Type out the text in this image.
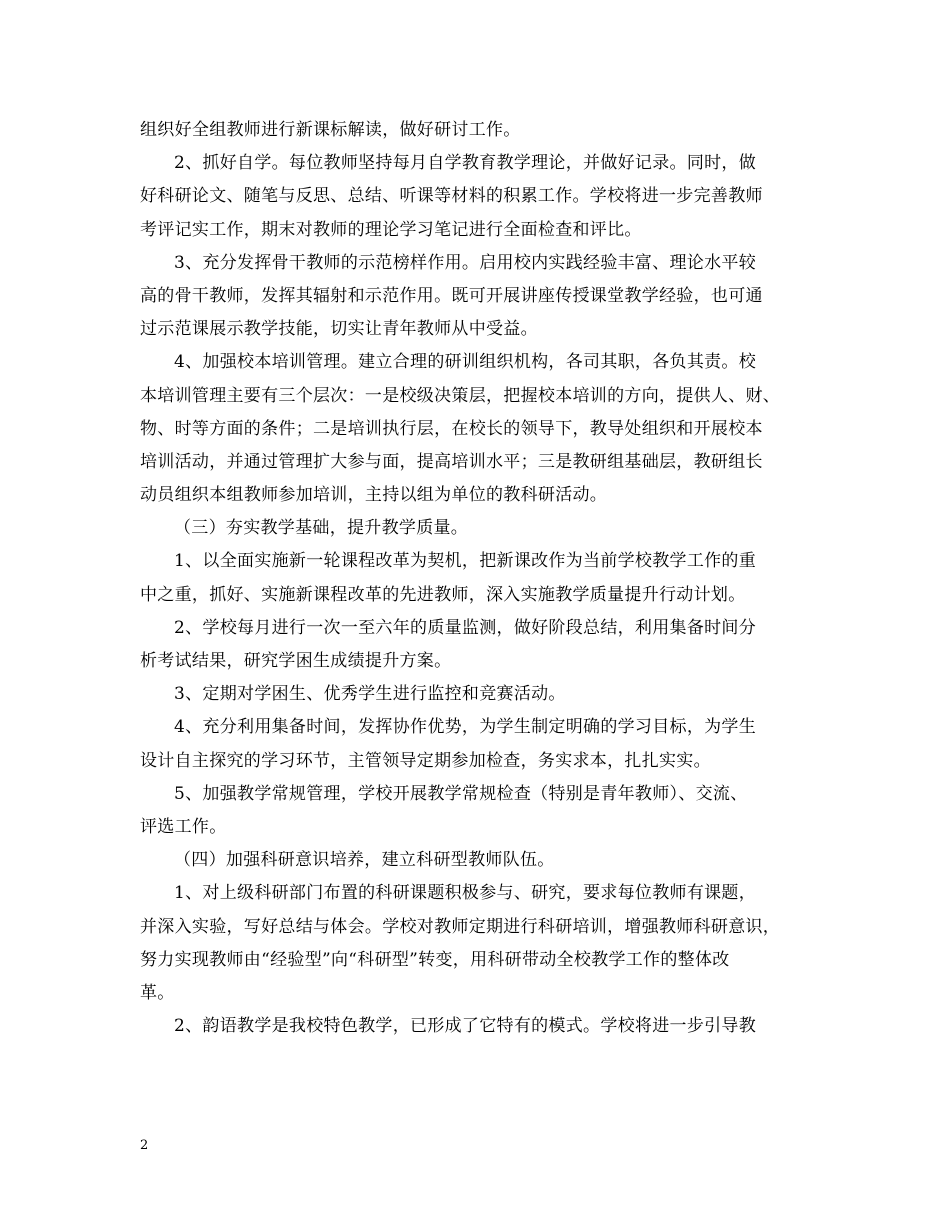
组织好全组教师进行新课标解读，做好研讨工作。
2、抓好自学。每位教师坚持每月自学教育教学理论，并做好记录。同时，做
好科研论文、随笔与反思、总结、听课等材料的积累工作。学校将进一步完善教师
考评记实工作，期末对教师的理论学习笔记进行全面检查和评比。
3、充分发挥骨干教师的示范榜样作用。启用校内实践经验丰富、理论水平较
高的骨干教师，发挥其辐射和示范作用。既可开展讲座传授课堂教学经验，也可通
过示范课展示教学技能，切实让青年教师从中受益。
4、加强校本培训管理。建立合理的研训组织机构，各司其职，各负其责。校
本培训管理主要有三个层次：一是校级决策层，把握校本培训的方向，提供人、财、
物、时等方面的条件；二是培训执行层，在校长的领导下，教导处组织和开展校本
培训活动，并通过管理扩大参与面，提高培训水平；三是教研组基础层，教研组长
动员组织本组教师参加培训，主持以组为单位的教科研活动。
（三）夯实教学基础，提升教学质量。
1、以全面实施新一轮课程改革为契机，把新课改作为当前学校教学工作的重
中之重，抓好、实施新课程改革的先进教师，深入实施教学质量提升行动计划。
2、学校每月进行一次一至六年的质量监测，做好阶段总结，利用集备时间分
析考试结果，研究学困生成绩提升方案。
3、定期对学困生、优秀学生进行监控和竞赛活动。
4、充分利用集备时间，发挥协作优势，为学生制定明确的学习目标，为学生
设计自主探究的学习环节，主管领导定期参加检查，务实求本，扎扎实实。
5、加强教学常规管理，学校开展教学常规检查（特别是青年教师）、交流、
评选工作。
（四）加强科研意识培养，建立科研型教师队伍。
1、对上级科研部门布置的科研课题积极参与、研究，要求每位教师有课题，
并深入实验，写好总结与体会。学校对教师定期进行科研培训，增强教师科研意识，
努力实现教师由“经验型”向“科研型”转变，用科研带动全校教学工作的整体改
革。
2、韵语教学是我校特色教学，已形成了它特有的模式。学校将进一步引导教
2
